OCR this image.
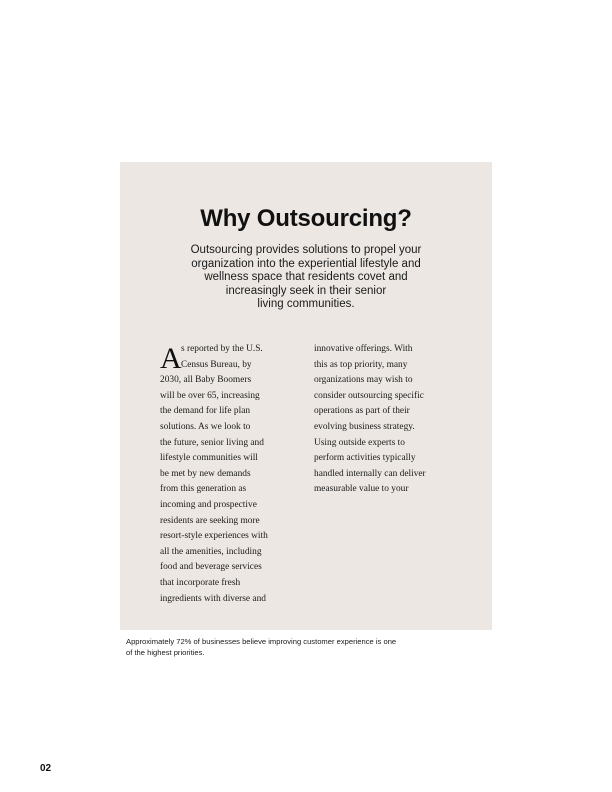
Why Outsourcing?
Outsourcing provides solutions to propel your
organization into the experiential lifestyle and
wellness space that residents covet and
increasingly seek in their senior
living communities.
A s reported by the U.S.
Census Bureau, by
2030, all Baby Boomers
will be over 65, increasing
the demand for life plan
solutions. As we look to
the future, senior living and
lifestyle communities will
be met by new demands
from this generation as
incoming and prospective
residents are seeking more
resort-style experiences with
all the amenities, including
food and beverage services
that incorporate fresh
ingredients with diverse and
innovative offerings. With
this as top priority, many
organizations may wish to
consider outsourcing specific
operations as part of their
evolving business strategy.
Using outside experts to
perform activities typically
handled internally can deliver
measurable value to your
Approximately 72% of businesses believe improving customer experience is one
of the highest priorities.
02
